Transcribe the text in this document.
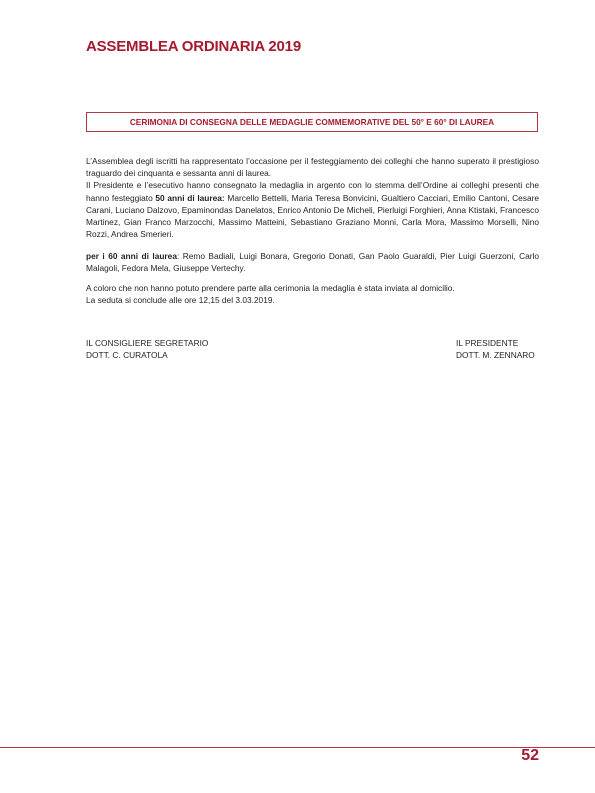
ASSEMBLEA ORDINARIA 2019
CERIMONIA DI CONSEGNA DELLE MEDAGLIE COMMEMORATIVE DEL 50° E 60° DI LAUREA

L’Assemblea degli iscritti ha rappresentato l’occasione per il festeggiamento dei colleghi che hanno superato il prestigioso traguardo dei cinquanta e sessanta anni di laurea.

Il Presidente e l’esecutivo hanno consegnato la medaglia in argento con lo stemma dell’Ordine ai colleghi presenti che hanno festeggiato 50 anni di laurea: Marcello Bettelli, Maria Teresa Bonvicini, Gualtiero Cacciari, Emilio Cantoni, Cesare Carani, Luciano Dalzovo, Epaminondas Danelatos, Enrico Antonio De Micheli, Pierluigi Forghieri, Anna Ktistaki, Francesco Martinez, Gian Franco Marzocchi, Massimo Matteini, Sebastiano Graziano Monni, Carla Mora, Massimo Morselli, Nino Rozzi, Andrea Smerieri.

per i 60 anni di laurea: Remo Badiali, Luigi Bonara, Gregorio Donati, Gan Paolo Guaraldi, Pier Luigi Guerzoni, Carlo Malagoli, Fedora Mela, Giuseppe Vertechy.

A coloro che non hanno potuto prendere parte alla cerimonia la medaglia è stata inviata al domicilio.

La seduta si conclude alle ore 12,15 del 3.03.2019.

IL CONSIGLIERE SEGRETARIO
DOTT. C. CURATOLA
IL PRESIDENTE
DOTT. M. ZENNARO
52
